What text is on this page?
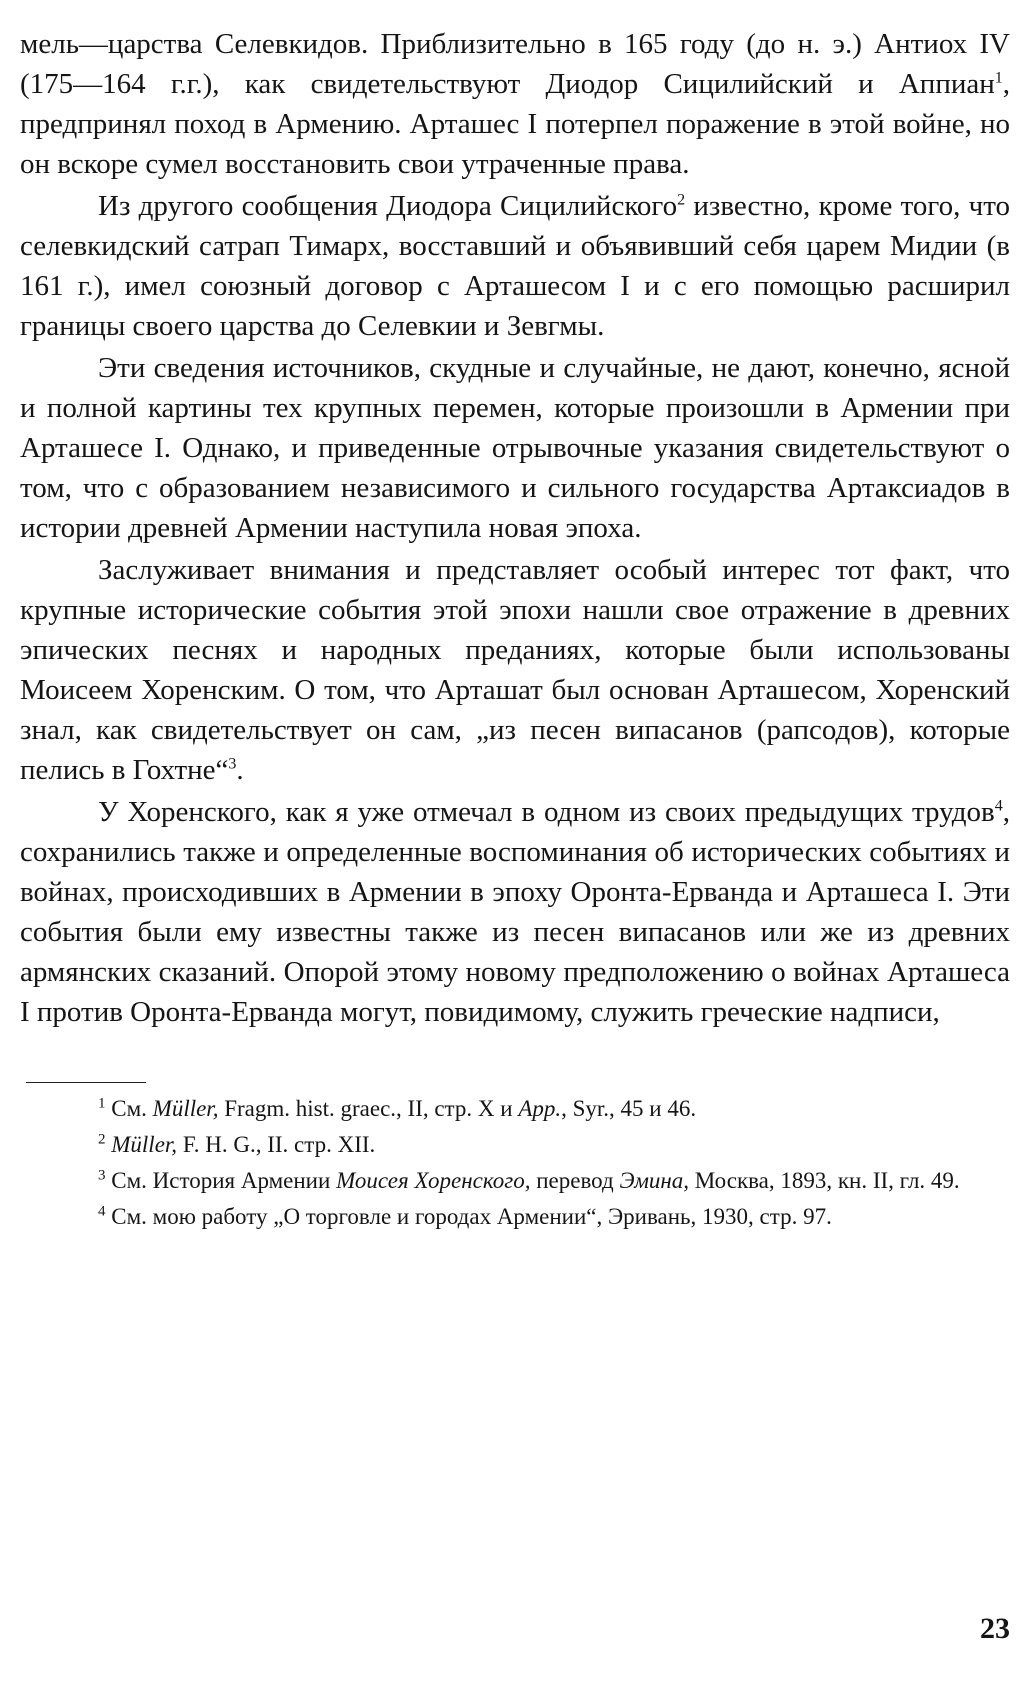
мель—царства Селевкидов. Приблизительно в 165 году (до н. э.) Антиох IV (175—164 г.г.), как свидетельствуют Диодор Сицилийский и Аппиан$^1$, предпринял поход в Армению. Арташес I потерпел поражение в этой войне, но он вскоре сумел восстановить свои утраченные права.

Из другого сообщения Диодора Сицилийского$^2$ известно, кроме того, что селевкидский сатрап Тимарх, восставший и объявивший себя царем Мидии (в 161 г.), имел союзный договор с Арташесом I и с его помощью расширил границы своего царства до Селевкии и Зевгмы.

Эти сведения источников, скудные и случайные, не дают, конечно, ясной и полной картины тех крупных перемен, которые произошли в Армении при Арташесе I. Однако, и приведенные отрывочные указания свидетельствуют о том, что с образованием независимого и сильного государства Артаксиадов в истории древней Армении наступила новая эпоха.

Заслуживает внимания и представляет особый интерес тот факт, что крупные исторические события этой эпохи нашли свое отражение в древних эпических песнях и народных преданиях, которые были использованы Моисеем Хоренским. О том, что Арташат был основан Арташесом, Хоренский знал, как свидетельствует он сам, „из песен випасанов (рапсодов), которые пелись в Гохтне“$^3$.

У Хоренского, как я уже отмечал в одном из своих предыдущих трудов$^4$, сохранились также и определенные воспоминания об исторических событиях и войнах, происходивших в Армении в эпоху Оронта-Ерванда и Арташеса I. Эти события были ему известны также из песен випасанов или же из древних армянских сказаний. Опорой этому новому предположению о войнах Арташеса I против Оронта-Ерванда могут, повидимому, служить греческие надписи,

$^1$ См. Müller, Fragm. hist. graec., II, стр. X и App., Syr., 45 и 46.

$^2$ Müller, F. H. G., II. стр. XII.

$^3$ См. История Армении Моисея Хоренского, перевод Эмина, Москва, 1893, кн. II, гл. 49.

$^4$ См. мою работу „О торговле и городах Армении“, Эривань, 1930, стр. 97.

23
